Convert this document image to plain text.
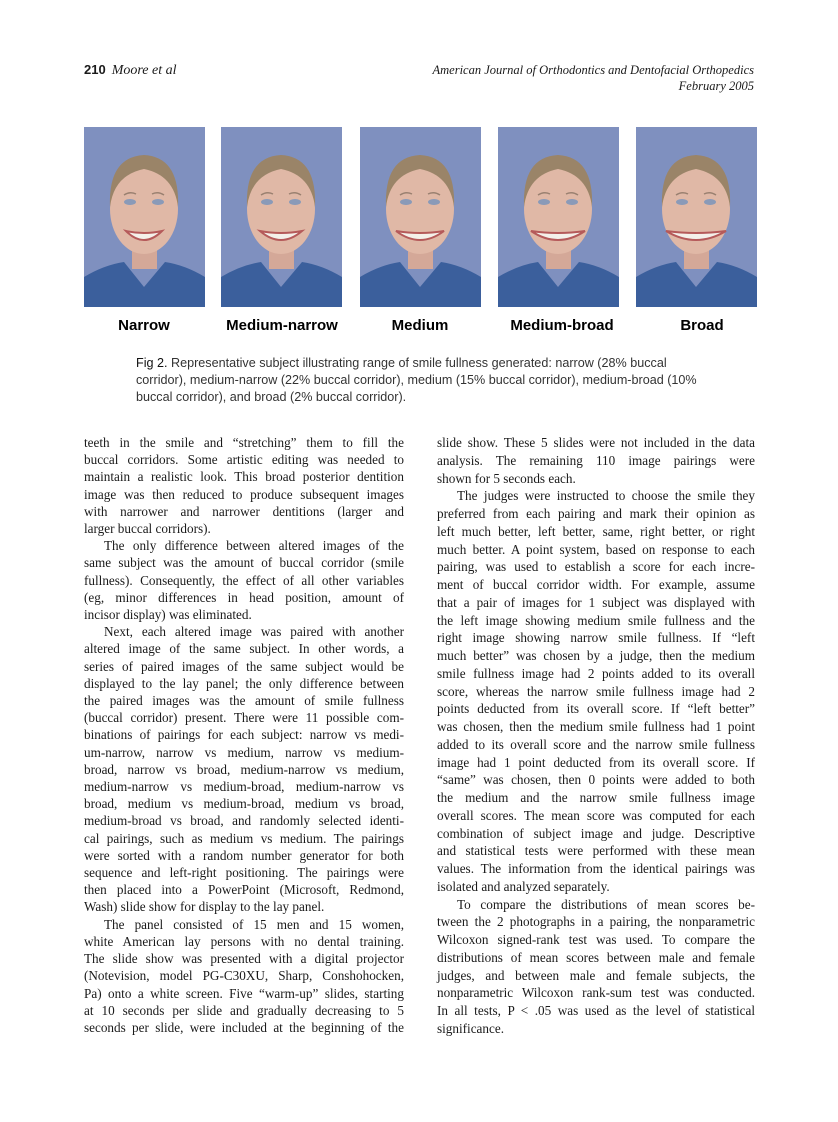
210 Moore et al	American Journal of Orthodontics and Dentofacial Orthopedics
February 2005
Narrow	Medium-narrow	Medium	Medium-broad	Broad
Fig 2. Representative subject illustrating range of smile fullness generated: narrow (28% buccal corridor), medium-narrow (22% buccal corridor), medium (15% buccal corridor), medium-broad (10% buccal corridor), and broad (2% buccal corridor).
teeth in the smile and “stretching” them to fill the
buccal corridors. Some artistic editing was needed to
maintain a realistic look. This broad posterior dentition
image was then reduced to produce subsequent images
with narrower and narrower dentitions (larger and
larger buccal corridors).
The only difference between altered images of the
same subject was the amount of buccal corridor (smile
fullness). Consequently, the effect of all other variables
(eg, minor differences in head position, amount of
incisor display) was eliminated.
Next, each altered image was paired with another
altered image of the same subject. In other words, a
series of paired images of the same subject would be
displayed to the lay panel; the only difference between
the paired images was the amount of smile fullness
(buccal corridor) present. There were 11 possible com-
binations of pairings for each subject: narrow vs medi-
um-narrow, narrow vs medium, narrow vs medium-
broad, narrow vs broad, medium-narrow vs medium,
medium-narrow vs medium-broad, medium-narrow vs
broad, medium vs medium-broad, medium vs broad,
medium-broad vs broad, and randomly selected identi-
cal pairings, such as medium vs medium. The pairings
were sorted with a random number generator for both
sequence and left-right positioning. The pairings were
then placed into a PowerPoint (Microsoft, Redmond,
Wash) slide show for display to the lay panel.
The panel consisted of 15 men and 15 women,
white American lay persons with no dental training.
The slide show was presented with a digital projector
(Notevision, model PG-C30XU, Sharp, Conshohocken,
Pa) onto a white screen. Five “warm-up” slides, starting
at 10 seconds per slide and gradually decreasing to 5
seconds per slide, were included at the beginning of the
slide show. These 5 slides were not included in the data
analysis. The remaining 110 image pairings were
shown for 5 seconds each.
The judges were instructed to choose the smile they
preferred from each pairing and mark their opinion as
left much better, left better, same, right better, or right
much better. A point system, based on response to each
pairing, was used to establish a score for each incre-
ment of buccal corridor width. For example, assume
that a pair of images for 1 subject was displayed with
the left image showing medium smile fullness and the
right image showing narrow smile fullness. If “left
much better” was chosen by a judge, then the medium
smile fullness image had 2 points added to its overall
score, whereas the narrow smile fullness image had 2
points deducted from its overall score. If “left better”
was chosen, then the medium smile fullness had 1 point
added to its overall score and the narrow smile fullness
image had 1 point deducted from its overall score. If
“same” was chosen, then 0 points were added to both
the medium and the narrow smile fullness image
overall scores. The mean score was computed for each
combination of subject image and judge. Descriptive
and statistical tests were performed with these mean
values. The information from the identical pairings was
isolated and analyzed separately.
To compare the distributions of mean scores be-
tween the 2 photographs in a pairing, the nonparametric
Wilcoxon signed-rank test was used. To compare the
distributions of mean scores between male and female
judges, and between male and female subjects, the
nonparametric Wilcoxon rank-sum test was conducted.
In all tests, P < .05 was used as the level of statistical
significance.
